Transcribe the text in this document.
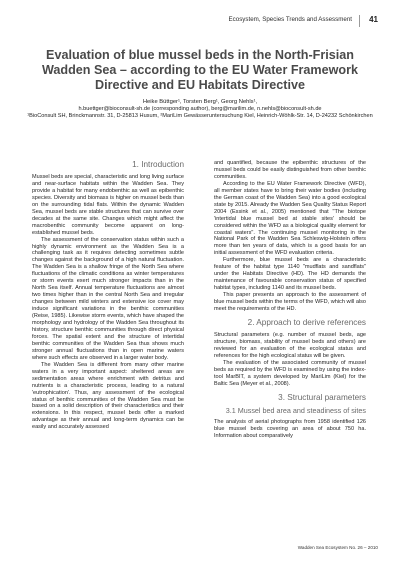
Ecosystem, Species Trends and Assessment 41
Evaluation of blue mussel beds in the North-Frisian Wadden Sea – according to the EU Water Framework Directive and EU Habitats Directive
Heike Büttger¹, Torsten Berg¹, Georg Nehls¹,
h.buettger@bioconsult-sh.de (corresponding author), berg@marilim.de, n.nehls@bioconsult-sh.de
¹BioConsult SH, Brinckmannstr. 31, D-25813 Husum, ²MariLim Gewässeruntersuchung Kiel, Heinrich-Wöhlk-Str. 14, D-24232 Schönkirchen
1. Introduction

Mussel beds are special, characteristic and long living surface and near-surface habitats within the Wadden Sea. They provide a habitat for many endobenthic as well as epibenthic species. Diversity and biomass is higher on mussel beds than on the surrounding tidal flats. Within the dynamic Wadden Sea, mussel beds are stable structures that can survive over decades at the same site. Changes which might affect the macrobenthic community become apparent on long-established mussel beds.

The assessment of the conservation status within such a highly dynamic environment as the Wadden Sea is a challenging task as it requires detecting sometimes subtle changes against the background of a high natural fluctuation. The Wadden Sea is a shallow fringe of the North Sea where fluctuations of the climatic conditions as winter temperatures or storm events exert much stronger impacts than in the North Sea itself. Annual temperature fluctuations are almost two times higher than in the central North Sea and irregular changes between mild winters and extensive ice cover may induce significant variations in the benthic communities (Reise, 1985). Likewise storm events, which have shaped the morphology and hydrology of the Wadden Sea throughout its history, structure benthic communities through direct physical forces. The spatial extent and the structure of intertidal benthic communities of the Wadden Sea thus shows much stronger annual fluctuations than in open marine waters where such effects are observed in a larger water body.

The Wadden Sea is different from many other marine waters in a very important aspect: sheltered areas are sedimentation areas where enrichment with detritus and nutrients is a characteristic process, leading to a natural 'eutrophication'. Thus, any assessment of the ecological status of benthic communities of the Wadden Sea must be based on a solid description of their characteristics and their extensions. In this respect, mussel beds offer a marked advantage as their annual and long-term dynamics can be easily and accurately assessed

and quantified, because the epibenthic structures of the mussel beds could be easily distinguished from other benthic communities.

According to the EU Water Framework Directive (WFD), all member states have to bring their water bodies (including the German coast of the Wadden Sea) into a good ecological state by 2015. Already the Wadden Sea Quality Status Report 2004 (Essink et al., 2005) mentioned that "The biotope 'intertidal blue mussel bed at stable sites' should be considered within the WFD as a biological quality element for coastal waters". The continuing mussel monitoring in the National Park of the Wadden Sea Schleswig-Holstein offers more than ten years of data, which is a good basis for an initial assessment of the WFD evaluation criteria.

Furthermore, blue mussel beds are a characteristic feature of the habitat type 1140 "mudflats and sandflats" under the Habitats Directive (HD). The HD demands the maintenance of favourable conservation status of specified habitat types, including 1140 and its mussel beds.

This paper presents an approach to the assessment of blue mussel beds within the terms of the WFD, which will also meet the requirements of the HD.

2. Approach to derive references

Structural parameters (e.g. number of mussel beds, age structure, biomass, stability of mussel beds and others) are reviewed for an evaluation of the ecological status and references for the high ecological status will be given.

The evaluation of the associated community of mussel beds as required by the WFD is examined by using the index-tool MarBIT, a system developed by MariLim (Kiel) for the Baltic Sea (Meyer et al., 2008).

3. Structural parameters
3.1 Mussel bed area and steadiness of sites

The analysis of aerial photographs from 1958 identified 126 blue mussel beds covering an area of about 750 ha. Information about comparatively

Wadden Sea Ecosystem No. 26 – 2010
